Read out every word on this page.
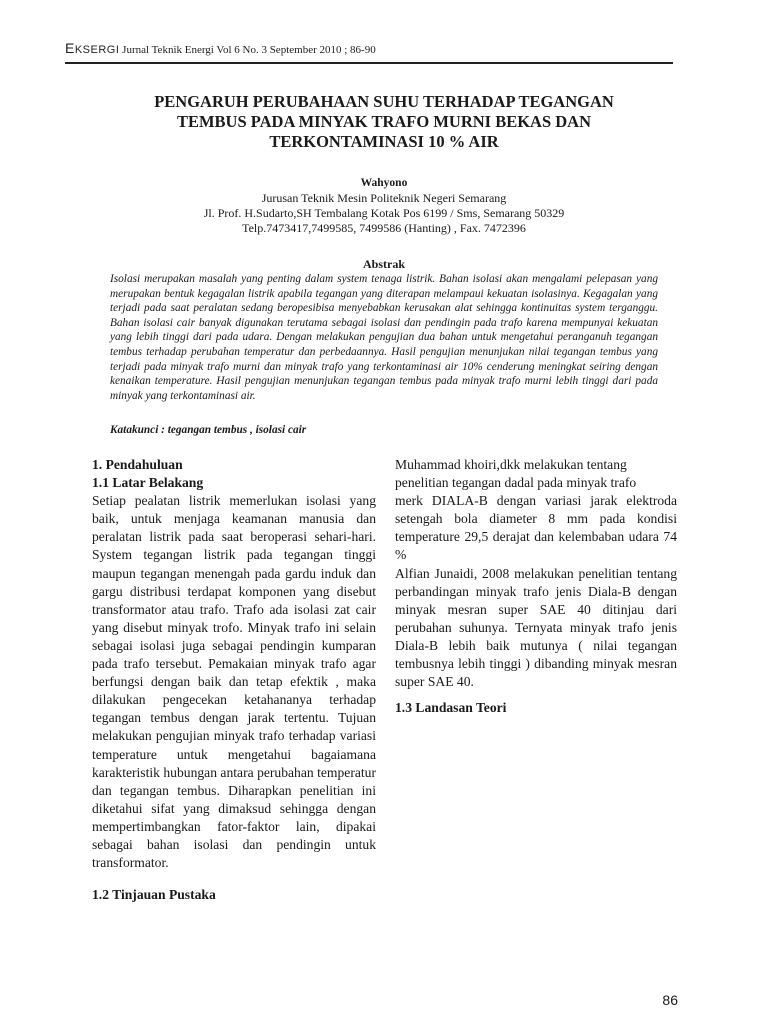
EKSERGI Jurnal Teknik Energi Vol 6 No. 3 September 2010 ; 86-90
PENGARUH PERUBAHAAN SUHU TERHADAP TEGANGAN
TEMBUS PADA MINYAK TRAFO MURNI BEKAS DAN
TERKONTAMINASI 10 % AIR
Wahyono
Jurusan Teknik Mesin Politeknik Negeri Semarang
Jl. Prof. H.Sudarto,SH Tembalang Kotak Pos 6199 / Sms, Semarang 50329
Telp.7473417,7499585, 7499586 (Hanting) , Fax. 7472396
Abstrak
Isolasi merupakan masalah yang penting dalam system tenaga listrik. Bahan isolasi akan mengalami pelepasan yang merupakan bentuk kegagalan listrik apabila tegangan yang diterapan melampaui kekuatan isolasinya. Kegagalan yang terjadi pada saat peralatan sedang beropesibisa menyebabkan kerusakan alat sehingga kontinuitas system terganggu. Bahan isolasi cair banyak digunakan terutama sebagai isolasi dan pendingin pada trafo karena mempunyai kekuatan yang lebih tinggi dari pada udara. Dengan melakukan pengujian dua bahan untuk mengetahui peranganuh tegangan tembus terhadap perubahan temperatur dan perbedaannya. Hasil pengujian menunjukan nilai tegangan tembus yang terjadi pada minyak trafo murni dan minyak trafo yang terkontaminasi air 10% cenderung meningkat seiring dengan kenaikan temperature. Hasil pengujian menunjukan tegangan tembus pada minyak trafo murni lebih tinggi dari pada minyak yang terkontaminasi air.
Katakunci : tegangan tembus , isolasi cair
1. Pendahuluan
1.1 Latar Belakang

Setiap pealatan listrik memerlukan isolasi yang baik, untuk menjaga keamanan manusia dan peralatan listrik pada saat beroperasi sehari-hari. System tegangan listrik pada tegangan tinggi maupun tegangan menengah pada gardu induk dan gargu distribusi terdapat komponen yang disebut transformator atau trafo. Trafo ada isolasi zat cair yang disebut minyak trofo. Minyak trafo ini selain sebagai isolasi juga sebagai pendingin kumparan pada trafo tersebut. Pemakaian minyak trafo agar berfungsi dengan baik dan tetap efektik , maka dilakukan pengecekan ketahananya terhadap tegangan tembus dengan jarak tertentu. Tujuan melakukan pengujian minyak trafo terhadap variasi temperature untuk mengetahui bagaiamana karakteristik hubungan antara perubahan temperatur dan tegangan tembus. Diharapkan penelitian ini diketahui sifat yang dimaksud sehingga dengan mempertimbangkan fator-faktor lain, dipakai sebagai bahan isolasi dan pendingin untuk transformator.

1.2 Tinjauan Pustaka
Muhammad khoiri,dkk melakukan tentang
penelitian tegangan dadal pada minyak trafo

merk DIALA-B dengan variasi jarak elektroda setengah bola diameter 8 mm pada kondisi temperature 29,5 derajat dan kelembaban udara 74 %

Alfian Junaidi, 2008 melakukan penelitian tentang perbandingan minyak trafo jenis Diala-B dengan minyak mesran super SAE 40 ditinjau dari perubahan suhunya. Ternyata minyak trafo jenis Diala-B lebih baik mutunya ( nilai tegangan tembusnya lebih tinggi ) dibanding minyak mesran super SAE 40.

1.3 Landasan Teori
86
